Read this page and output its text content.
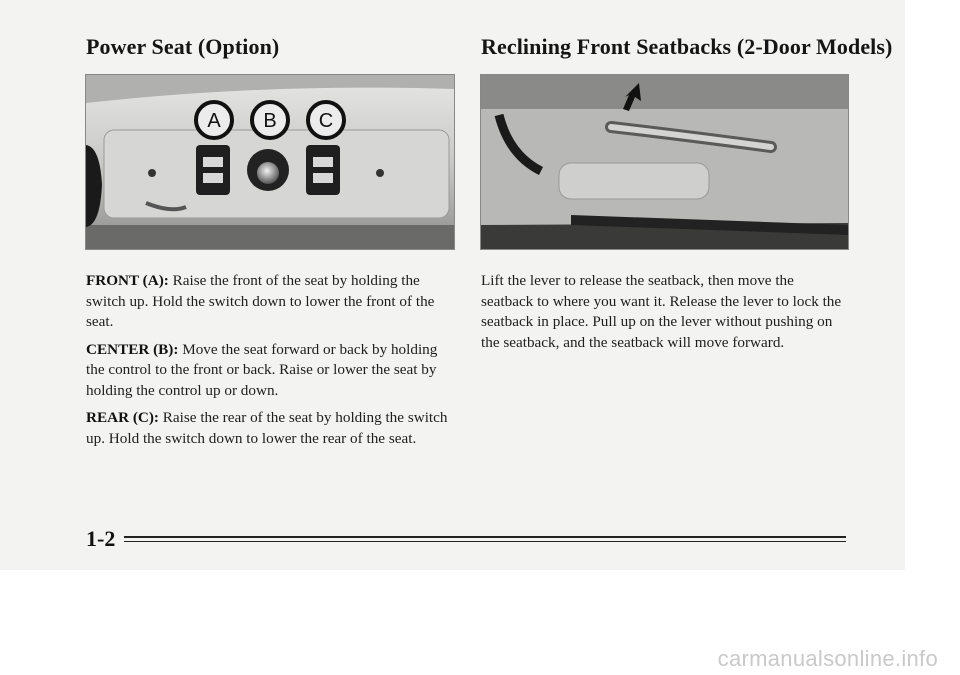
Power Seat (Option)	Reclining Front Seatbacks (2-Door Models)
A B C

FRONT (A): Raise the front of the seat by holding the switch up. Hold the switch down to lower the front of the seat.

CENTER (B): Move the seat forward or back by holding the control to the front or back. Raise or lower the seat by holding the control up or down.

REAR (C): Raise the rear of the seat by holding the switch up. Hold the switch down to lower the rear of the seat.

Lift the lever to release the seatback, then move the seatback to where you want it. Release the lever to lock the seatback in place. Pull up on the lever without pushing on the seatback, and the seatback will move forward.

1-2
carmanualsonline.info
